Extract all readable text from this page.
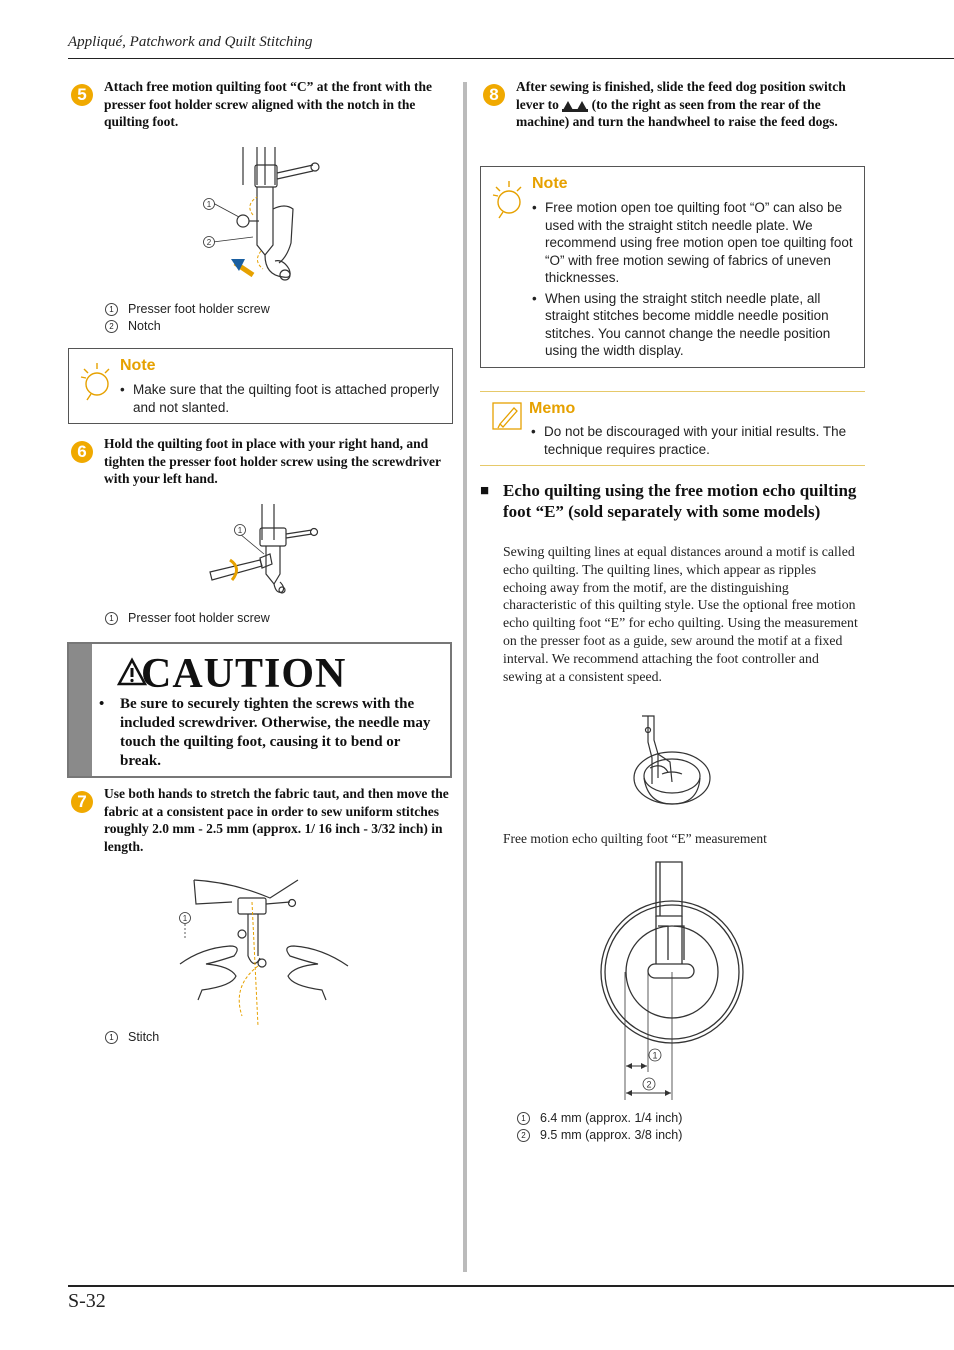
Appliqué, Patchwork and Quilt Stitching
5	Attach free motion quilting foot “C” at the front with the presser foot holder screw aligned with the notch in the quilting foot.
1
2
1 Presser foot holder screw
2 Notch
Note
• Make sure that the quilting foot is attached properly and not slanted.
6	Hold the quilting foot in place with your right hand, and tighten the presser foot holder screw using the screwdriver with your left hand.
1
1 Presser foot holder screw
CAUTION
•	Be sure to securely tighten the screws with the included screwdriver. Otherwise, the needle may touch the quilting foot, causing it to bend or break.
7	Use both hands to stretch the fabric taut, and then move the fabric at a consistent pace in order to sew uniform stitches roughly 2.0 mm - 2.5 mm (approx. 1/ 16 inch - 3/32 inch) in length.
1
1 Stitch
8	After sewing is finished, slide the feed dog position switch lever to (to the right as seen from the rear of the machine) and turn the handwheel to raise the feed dogs.
Note
• Free motion open toe quilting foot “O” can also be used with the straight stitch needle plate. We recommend using free motion open toe quilting foot “O” with free motion sewing of fabrics of uneven thicknesses.
• When using the straight stitch needle plate, all straight stitches become middle needle position stitches. You cannot change the needle position using the width display.
Memo
• Do not be discouraged with your initial results. The technique requires practice.
■ Echo quilting using the free motion echo quilting foot “E” (sold separately with some models)
Sewing quilting lines at equal distances around a motif is called echo quilting. The quilting lines, which appear as ripples echoing away from the motif, are the distinguishing characteristic of this quilting style. Use the optional free motion echo quilting foot “E” for echo quilting. Using the measurement on the presser foot as a guide, sew around the motif at a fixed interval. We recommend attaching the foot controller and sewing at a consistent speed.
Free motion echo quilting foot “E” measurement
1
2
1 6.4 mm (approx. 1/4 inch)
2 9.5 mm (approx. 3/8 inch)
S-32
